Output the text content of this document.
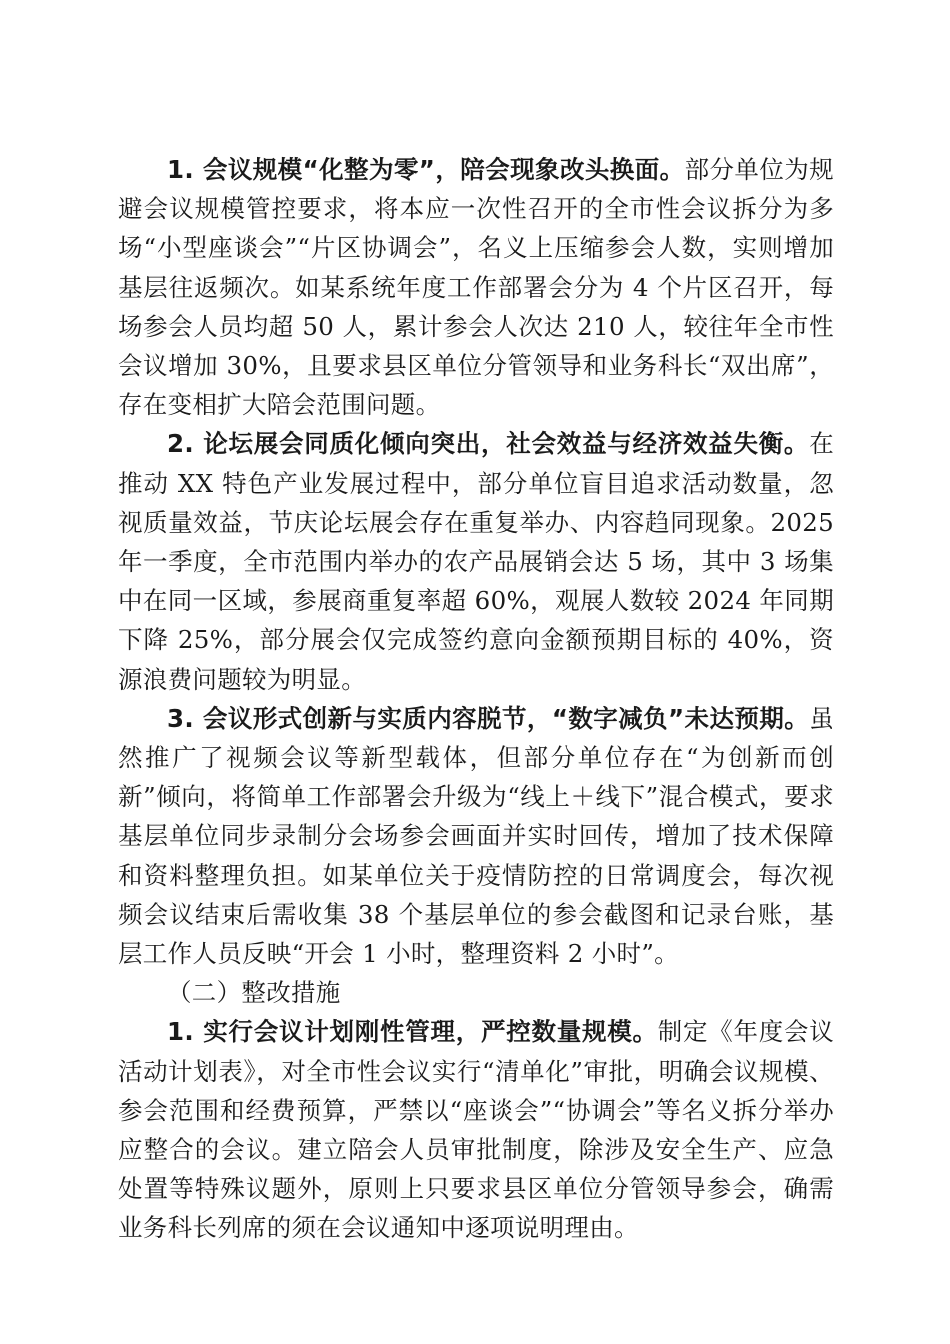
1. 会议规模“化整为零”，陪会现象改头换面。部分单位为规避会议规模管控要求，将本应一次性召开的全市性会议拆分为多场“小型座谈会”“片区协调会”，名义上压缩参会人数，实则增加基层往返频次。如某系统年度工作部署会分为 4 个片区召开，每场参会人员均超 50 人，累计参会人次达 210 人，较往年全市性会议增加 30%，且要求县区单位分管领导和业务科长“双出席”，存在变相扩大陪会范围问题。

2. 论坛展会同质化倾向突出，社会效益与经济效益失衡。在推动 XX 特色产业发展过程中，部分单位盲目追求活动数量，忽视质量效益，节庆论坛展会存在重复举办、内容趋同现象。2025 年一季度，全市范围内举办的农产品展销会达 5 场，其中 3 场集中在同一区域，参展商重复率超 60%，观展人数较 2024 年同期下降 25%，部分展会仅完成签约意向金额预期目标的 40%，资源浪费问题较为明显。

3. 会议形式创新与实质内容脱节，“数字减负”未达预期。虽然推广了视频会议等新型载体，但部分单位存在“为创新而创新”倾向，将简单工作部署会升级为“线上＋线下”混合模式，要求基层单位同步录制分会场参会画面并实时回传，增加了技术保障和资料整理负担。如某单位关于疫情防控的日常调度会，每次视频会议结束后需收集 38 个基层单位的参会截图和记录台账，基层工作人员反映“开会 1 小时，整理资料 2 小时”。

（二）整改措施

1. 实行会议计划刚性管理，严控数量规模。制定《年度会议活动计划表》，对全市性会议实行“清单化”审批，明确会议规模、参会范围和经费预算，严禁以“座谈会”“协调会”等名义拆分举办应整合的会议。建立陪会人员审批制度，除涉及安全生产、应急处置等特殊议题外，原则上只要求县区单位分管领导参会，确需业务科长列席的须在会议通知中逐项说明理由。
